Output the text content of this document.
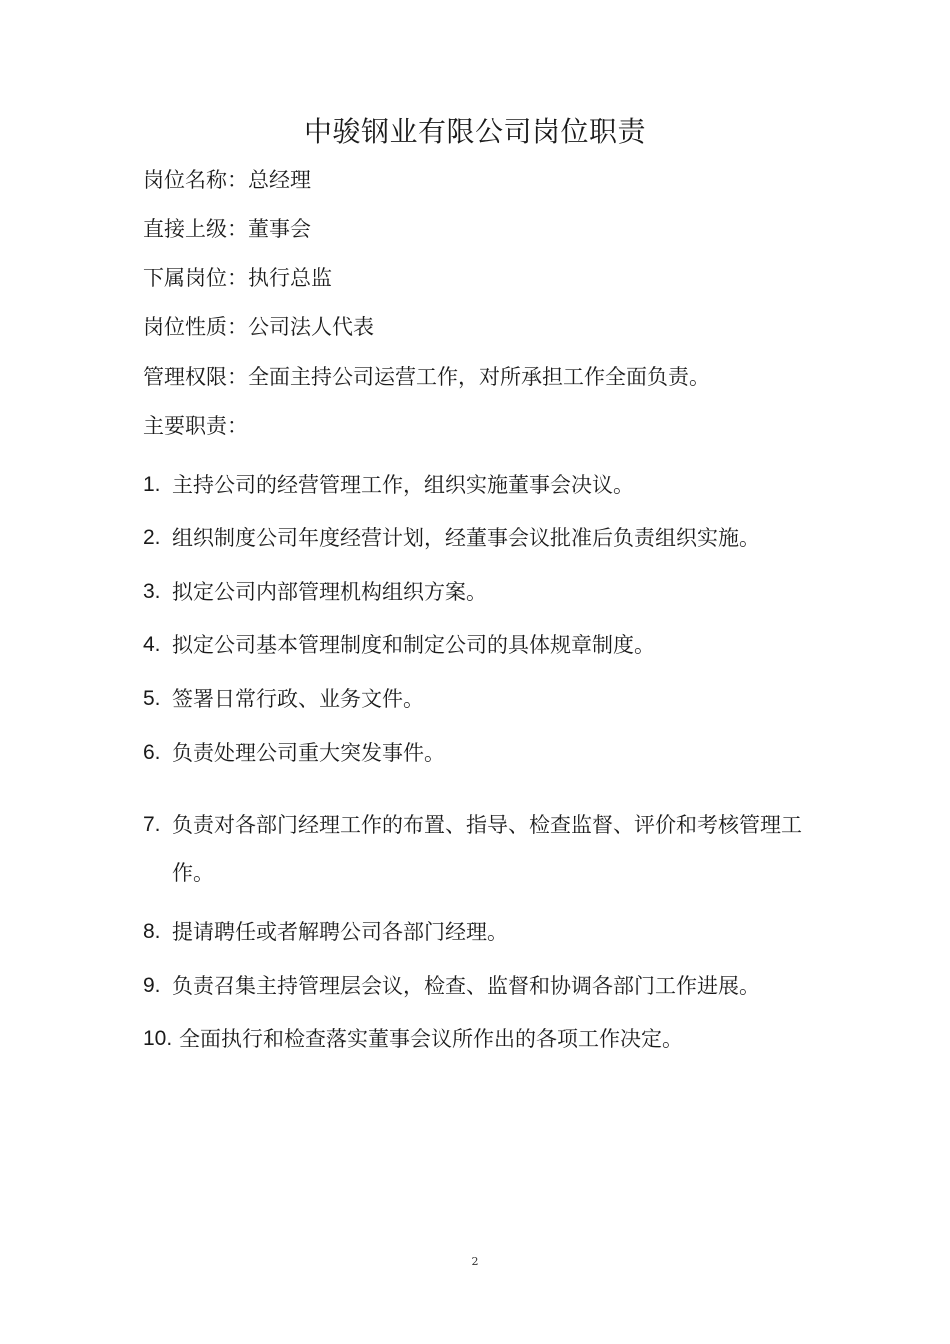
中骏钢业有限公司岗位职责
岗位名称：总经理
直接上级：董事会
下属岗位：执行总监
岗位性质：公司法人代表
管理权限：全面主持公司运营工作，对所承担工作全面负责。
主要职责：
1. 主持公司的经营管理工作，组织实施董事会决议。
2. 组织制度公司年度经营计划，经董事会议批准后负责组织实施。
3. 拟定公司内部管理机构组织方案。
4. 拟定公司基本管理制度和制定公司的具体规章制度。
5. 签署日常行政、业务文件。
6. 负责处理公司重大突发事件。
7. 负责对各部门经理工作的布置、指导、检查监督、评价和考核管理工作。
8. 提请聘任或者解聘公司各部门经理。
9. 负责召集主持管理层会议，检查、监督和协调各部门工作进展。
10. 全面执行和检查落实董事会议所作出的各项工作决定。
2
